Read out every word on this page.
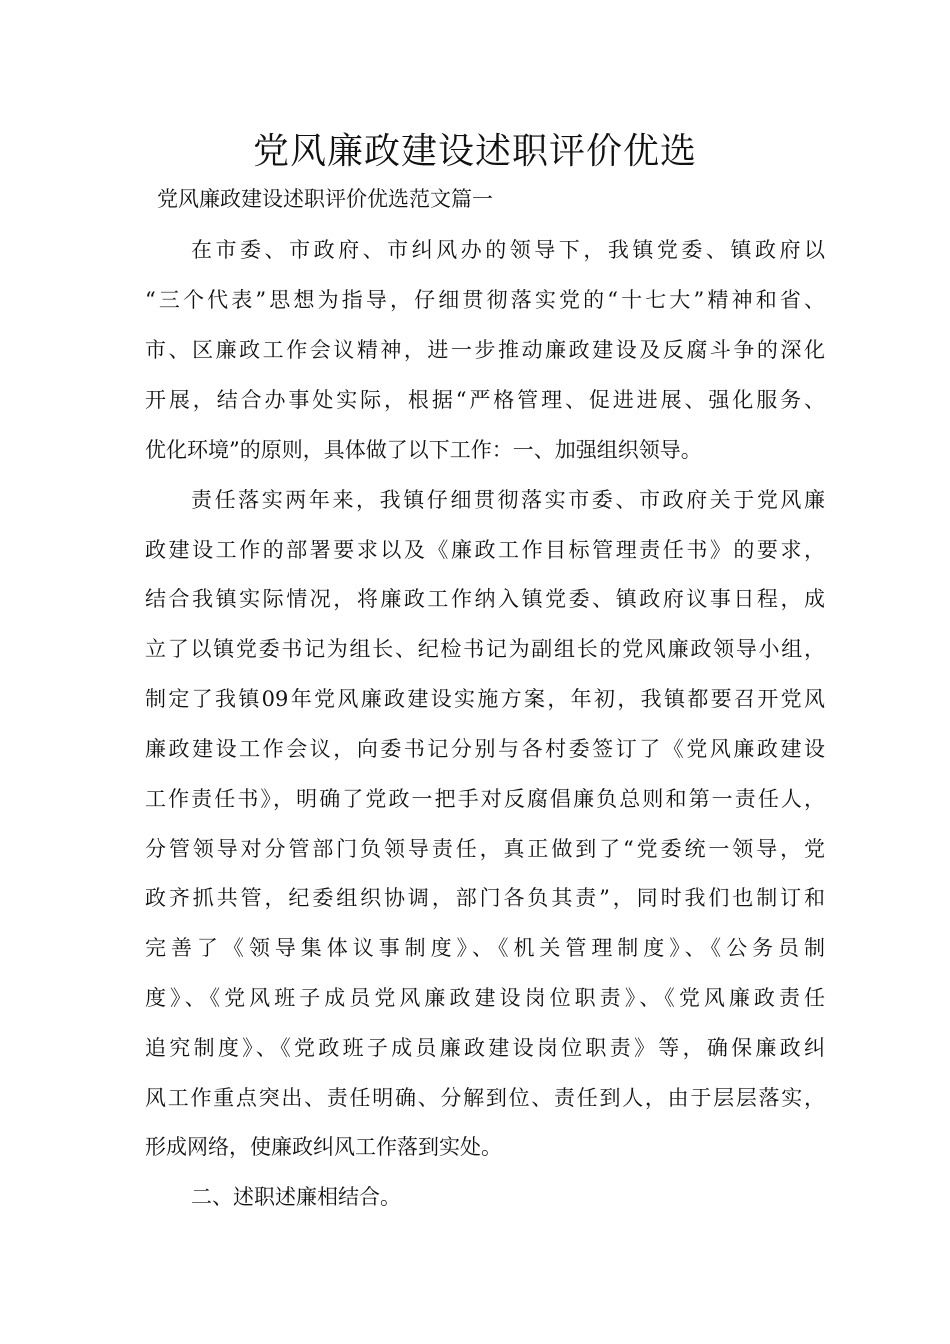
党风廉政建设述职评价优选

党风廉政建设述职评价优选范文篇一

在市委、市政府、市纠风办的领导下，我镇党委、镇政府以

“三个代表”思想为指导，仔细贯彻落实党的“十七大”精神和省、

市、区廉政工作会议精神，进一步推动廉政建设及反腐斗争的深化

开展，结合办事处实际，根据“严格管理、促进进展、强化服务、

优化环境”的原则，具体做了以下工作：一、加强组织领导。

责任落实两年来，我镇仔细贯彻落实市委、市政府关于党风廉

政建设工作的部署要求以及《廉政工作目标管理责任书》的要求，

结合我镇实际情况，将廉政工作纳入镇党委、镇政府议事日程，成

立了以镇党委书记为组长、纪检书记为副组长的党风廉政领导小组，

制定了我镇09年党风廉政建设实施方案，年初，我镇都要召开党风

廉政建设工作会议，向委书记分别与各村委签订了《党风廉政建设

工作责任书》，明确了党政一把手对反腐倡廉负总则和第一责任人，

分管领导对分管部门负领导责任，真正做到了“党委统一领导，党

政齐抓共管，纪委组织协调，部门各负其责”，同时我们也制订和

完善了《领导集体议事制度》、《机关管理制度》、《公务员制

度》、《党风班子成员党风廉政建设岗位职责》、《党风廉政责任

追究制度》、《党政班子成员廉政建设岗位职责》等，确保廉政纠

风工作重点突出、责任明确、分解到位、责任到人，由于层层落实，

形成网络，使廉政纠风工作落到实处。

二、述职述廉相结合。
